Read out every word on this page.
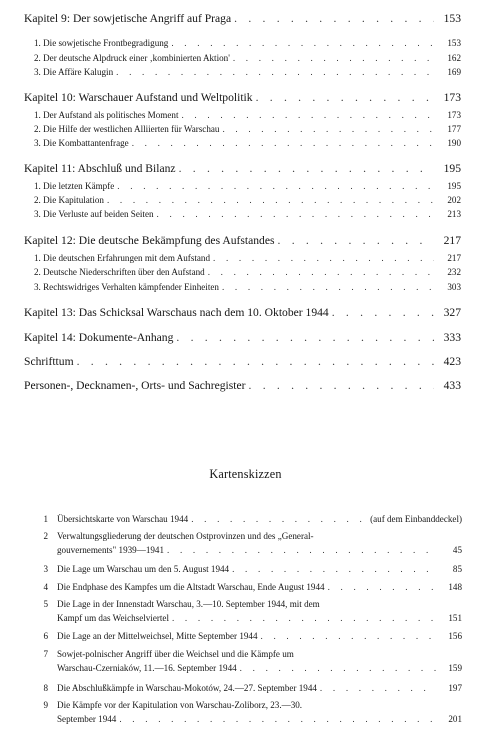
Kapitel 9: Der sowjetische Angriff auf Praga . . .	153
1. Die sowjetische Frontbegradigung . . .	153
2. Der deutsche Alpdruck einer ‚kombinierten Aktion' . . .	162
3. Die Affäre Kalugin . . .	169
Kapitel 10: Warschauer Aufstand und Weltpolitik . . .	173
1. Der Aufstand als politisches Moment . . .	173
2. Die Hilfe der westlichen Alliierten für Warschau . . .	177
3. Die Kombattantenfrage . . .	190
Kapitel 11: Abschluß und Bilanz . . .	195
1. Die letzten Kämpfe . . .	195
2. Die Kapitulation . . .	202
3. Die Verluste auf beiden Seiten . . .	213
Kapitel 12: Die deutsche Bekämpfung des Aufstandes . . .	217
1. Die deutschen Erfahrungen mit dem Aufstand . . .	217
2. Deutsche Niederschriften über den Aufstand . . .	232
3. Rechtswidriges Verhalten kämpfender Einheiten . . .	303
Kapitel 13: Das Schicksal Warschaus nach dem 10. Oktober 1944 . . .	327
Kapitel 14: Dokumente-Anhang . . .	333
Schrifttum . . .	423
Personen-, Decknamen-, Orts- und Sachregister . . .	433
Kartenskizzen
1 Übersichtskarte von Warschau 1944 . . .	(auf dem Einbanddeckel)
2 Verwaltungsgliederung der deutschen Ostprovinzen und des „General-
gouvernements" 1939—1941 . . .	45
3 Die Lage um Warschau um den 5. August 1944 . . .	85
4 Die Endphase des Kampfes um die Altstadt Warschau, Ende August 1944 . . .	148
5 Die Lage in der Innenstadt Warschau, 3.—10. September 1944, mit dem
Kampf um das Weichselviertel . . .	151
6 Die Lage an der Mittelweichsel, Mitte September 1944 . . .	156
7 Sowjet-polnischer Angriff über die Weichsel und die Kämpfe um
Warschau-Czerniaków, 11.—16. September 1944 . . .	159
8 Die Abschlußkämpfe in Warschau-Mokotów, 24.—27. September 1944 . . .	197
9 Die Kämpfe vor der Kapitulation von Warschau-Zoliborz, 23.—30.
September 1944 . . .	201
